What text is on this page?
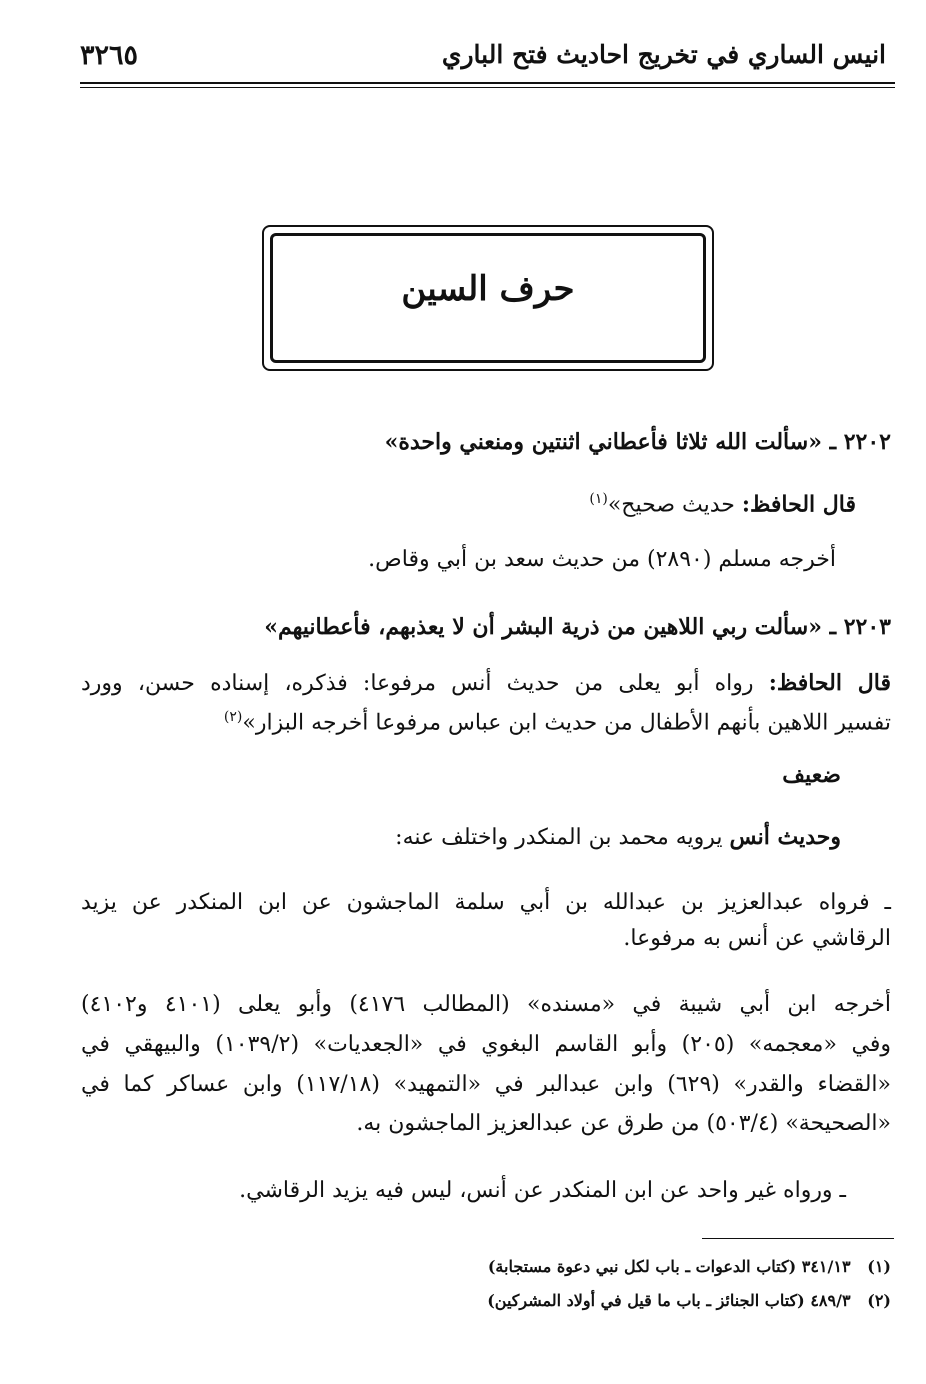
انيس الساري في تخريج احاديث فتح الباري
٣٢٦٥
حرف السين
٢٢٠٢ ـ «سألت الله ثلاثا فأعطاني اثنتين ومنعني واحدة»
قال الحافظ: حديث صحيح»$^{(١)}$
أخرجه مسلم (٢٨٩٠) من حديث سعد بن أبي وقاص.
٢٢٠٣ ـ «سألت ربي اللاهين من ذرية البشر أن لا يعذبهم، فأعطانيهم»
قال الحافظ: رواه أبو يعلى من حديث أنس مرفوعا: فذكره، إسناده حسن، وورد
تفسير اللاهين بأنهم الأطفال من حديث ابن عباس مرفوعا أخرجه البزار»$^{(٢)}$
ضعيف
وحديث أنس يرويه محمد بن المنكدر واختلف عنه:
ـ فرواه عبدالعزيز بن عبدالله بن أبي سلمة الماجشون عن ابن المنكدر عن يزيد
الرقاشي عن أنس به مرفوعا.
أخرجه ابن أبي شيبة في «مسنده» (المطالب ٤١٧٦) وأبو يعلى (٤١٠١ و٤١٠٢)
وفي «معجمه» (٢٠٥) وأبو القاسم البغوي في «الجعديات» (١٠٣٩/٢) والبيهقي في
«القضاء والقدر» (٦٢٩) وابن عبدالبر في «التمهيد» (١١٧/١٨) وابن عساكر كما في
«الصحيحة» (٥٠٣/٤) من طرق عن عبدالعزيز الماجشون به.
ـ ورواه غير واحد عن ابن المنكدر عن أنس، ليس فيه يزيد الرقاشي.
(١)   ٣٤١/١٣ (كتاب الدعوات ـ باب لكل نبي دعوة مستجابة)
(٢)   ٤٨٩/٣ (كتاب الجنائز ـ باب ما قيل في أولاد المشركين)
